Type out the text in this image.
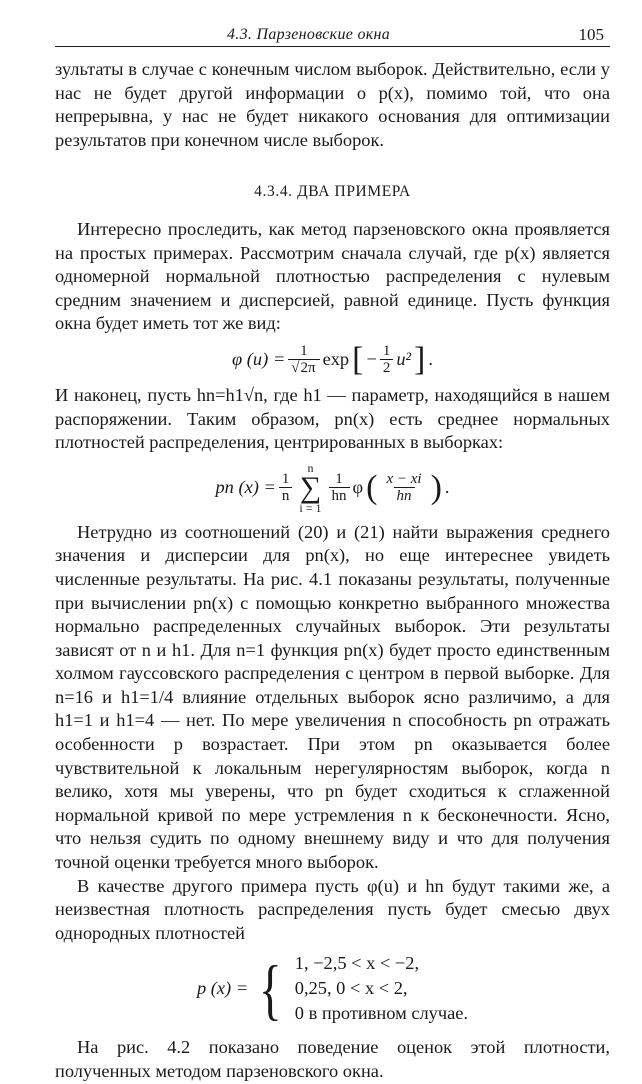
4.3. Парзеновские окна	105

зультаты в случае с конечным числом выборок. Действительно, если у нас не будет другой информации о p(x), помимо той, что она непрерывна, у нас не будет никакого основания для оптимизации результатов при конечном числе выборок.

4.3.4. ДВА ПРИМЕРА

Интересно проследить, как метод парзеновского окна проявляется на простых примерах. Рассмотрим сначала случай, где p(x) является одномерной нормальной плотностью распределения с нулевым средним значением и дисперсией, равной единице. Пусть функция окна будет иметь тот же вид:

φ $(u) = \frac{1}{√2\pi}$ exp [ − $\frac{1}{2} u^2$ ] .

И наконец, пусть hn=h1√n, где h1 — параметр, находящийся в нашем распоряжении. Таким образом, pn(x) есть среднее нормальных плотностей распределения, центрированных в выборках:

pn $(x) = \frac{1}{n}$
n
∑
i = 1
$\frac{1}{hn}$ φ ( $\frac{x - xi}{hn}$ ) .

Нетрудно из соотношений (20) и (21) найти выражения среднего значения и дисперсии для pn(x), но еще интереснее увидеть численные результаты. На рис. 4.1 показаны результаты, полученные при вычислении pn(x) с помощью конкретно выбранного множества нормально распределенных случайных выборок. Эти результаты зависят от n и h1. Для n=1 функция pn(x) будет просто единственным холмом гауссовского распределения с центром в первой выборке. Для n=16 и h1=1/4 влияние отдельных выборок ясно различимо, а для h1=1 и h1=4 — нет. По мере увеличения n способность pn отражать особенности p возрастает. При этом pn оказывается более чувствительной к локальным нерегулярностям выборок, когда n велико, хотя мы уверены, что pn будет сходиться к сглаженной нормальной кривой по мере устремления n к бесконечности. Ясно, что нельзя судить по одному внешнему виду и что для получения точной оценки требуется много выборок.

В качестве другого примера пусть φ(u) и hn будут такими же, а неизвестная плотность распределения пусть будет смесью двух однородных плотностей

p (x) = { 1, −2,5 < x < −2,
0,25, 0 < x < 2,
0 в противном случае.

На рис. 4.2 показано поведение оценок этой плотности, полученных методом парзеновского окна.
